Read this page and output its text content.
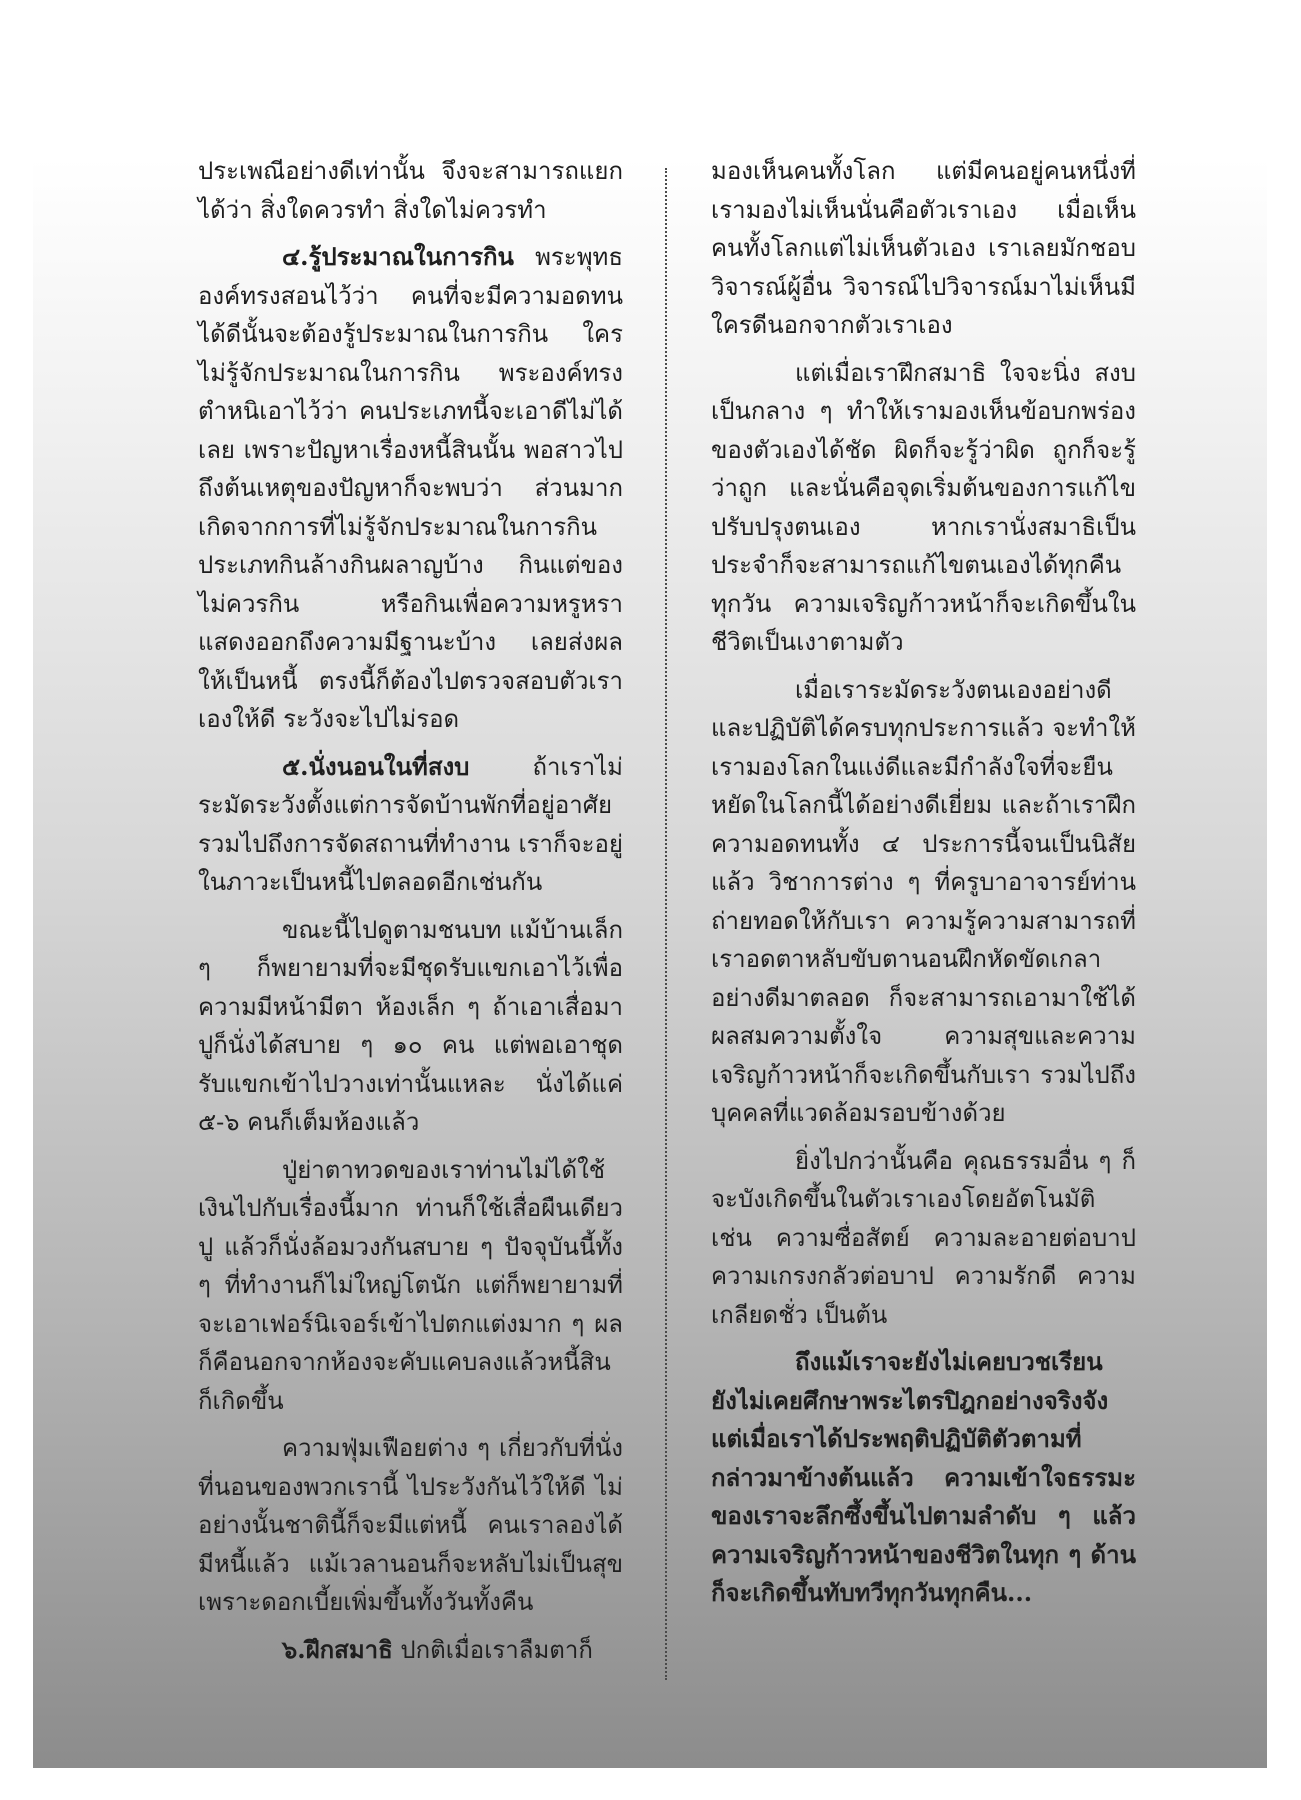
ประเพณีอย่างดีเท่านั้น จึงจะสามารถแยกได้ว่า สิ่งใดควรทำ สิ่งใดไม่ควรทำ

๔.รู้ประมาณในการกิน พระพุทธองค์ทรงสอนไว้ว่า คนที่จะมีความอดทนได้ดีนั้นจะต้องรู้ประมาณในการกิน ใครไม่รู้จักประมาณในการกิน พระองค์ทรงตำหนิเอาไว้ว่า คนประเภทนี้จะเอาดีไม่ได้เลย เพราะปัญหาเรื่องหนี้สินนั้น พอสาวไปถึงต้นเหตุของปัญหาก็จะพบว่า ส่วนมากเกิดจากการที่ไม่รู้จักประมาณในการกิน ประเภทกินล้างกินผลาญบ้าง กินแต่ของไม่ควรกิน หรือกินเพื่อความหรูหราแสดงออกถึงความมีฐานะบ้าง เลยส่งผลให้เป็นหนี้ ตรงนี้ก็ต้องไปตรวจสอบตัวเราเองให้ดี ระวังจะไปไม่รอด

๕.นั่งนอนในที่สงบ ถ้าเราไม่ระมัดระวังตั้งแต่การจัดบ้านพักที่อยู่อาศัยรวมไปถึงการจัดสถานที่ทำงาน เราก็จะอยู่ในภาวะเป็นหนี้ไปตลอดอีกเช่นกัน

ขณะนี้ไปดูตามชนบท แม้บ้านเล็ก ๆ ก็พยายามที่จะมีชุดรับแขกเอาไว้เพื่อความมีหน้ามีตา ห้องเล็ก ๆ ถ้าเอาเสื่อมาปูก็นั่งได้สบาย ๆ ๑๐ คน แต่พอเอาชุดรับแขกเข้าไปวางเท่านั้นแหละ นั่งได้แค่ ๕-๖ คนก็เต็มห้องแล้ว

ปู่ย่าตาทวดของเราท่านไม่ได้ใช้เงินไปกับเรื่องนี้มาก ท่านก็ใช้เสื่อผืนเดียวปู แล้วก็นั่งล้อมวงกันสบาย ๆ ปัจจุบันนี้ทั้ง ๆ ที่ทำงานก็ไม่ใหญ่โตนัก แต่ก็พยายามที่จะเอาเฟอร์นิเจอร์เข้าไปตกแต่งมาก ๆ ผลก็คือนอกจากห้องจะคับแคบลงแล้วหนี้สินก็เกิดขึ้น

ความฟุ่มเฟือยต่าง ๆ เกี่ยวกับที่นั่งที่นอนของพวกเรานี้ ไประวังกันไว้ให้ดี ไม่อย่างนั้นชาตินี้ก็จะมีแต่หนี้ คนเราลองได้มีหนี้แล้ว แม้เวลานอนก็จะหลับไม่เป็นสุขเพราะดอกเบี้ยเพิ่มขึ้นทั้งวันทั้งคืน

๖.ฝึกสมาธิ ปกติเมื่อเราลืมตาก็

มองเห็นคนทั้งโลก แต่มีคนอยู่คนหนึ่งที่เรามองไม่เห็นนั่นคือตัวเราเอง เมื่อเห็นคนทั้งโลกแต่ไม่เห็นตัวเอง เราเลยมักชอบวิจารณ์ผู้อื่น วิจารณ์ไปวิจารณ์มาไม่เห็นมีใครดีนอกจากตัวเราเอง

แต่เมื่อเราฝึกสมาธิ ใจจะนิ่ง สงบเป็นกลาง ๆ ทำให้เรามองเห็นข้อบกพร่องของตัวเองได้ชัด ผิดก็จะรู้ว่าผิด ถูกก็จะรู้ว่าถูก และนั่นคือจุดเริ่มต้นของการแก้ไขปรับปรุงตนเอง หากเรานั่งสมาธิเป็นประจำก็จะสามารถแก้ไขตนเองได้ทุกคืนทุกวัน ความเจริญก้าวหน้าก็จะเกิดขึ้นในชีวิตเป็นเงาตามตัว

เมื่อเราระมัดระวังตนเองอย่างดีและปฏิบัติได้ครบทุกประการแล้ว จะทำให้เรามองโลกในแง่ดีและมีกำลังใจที่จะยืนหยัดในโลกนี้ได้อย่างดีเยี่ยม และถ้าเราฝึกความอดทนทั้ง ๔ ประการนี้จนเป็นนิสัยแล้ว วิชาการต่าง ๆ ที่ครูบาอาจารย์ท่านถ่ายทอดให้กับเรา ความรู้ความสามารถที่เราอดตาหลับขับตานอนฝึกหัดขัดเกลาอย่างดีมาตลอด ก็จะสามารถเอามาใช้ได้ผลสมความตั้งใจ ความสุขและความเจริญก้าวหน้าก็จะเกิดขึ้นกับเรา รวมไปถึงบุคคลที่แวดล้อมรอบข้างด้วย

ยิ่งไปกว่านั้นคือ คุณธรรมอื่น ๆ ก็จะบังเกิดขึ้นในตัวเราเองโดยอัตโนมัติ เช่น ความซื่อสัตย์ ความละอายต่อบาป ความเกรงกลัวต่อบาป ความรักดี ความเกลียดชั่ว เป็นต้น

ถึงแม้เราจะยังไม่เคยบวชเรียน ยังไม่เคยศึกษาพระไตรปิฎกอย่างจริงจัง แต่เมื่อเราได้ประพฤติปฏิบัติตัวตามที่กล่าวมาข้างต้นแล้ว ความเข้าใจธรรมะของเราจะลึกซึ้งขึ้นไปตามลำดับ ๆ แล้วความเจริญก้าวหน้าของชีวิตในทุก ๆ ด้านก็จะเกิดขึ้นทับทวีทุกวันทุกคืน...
